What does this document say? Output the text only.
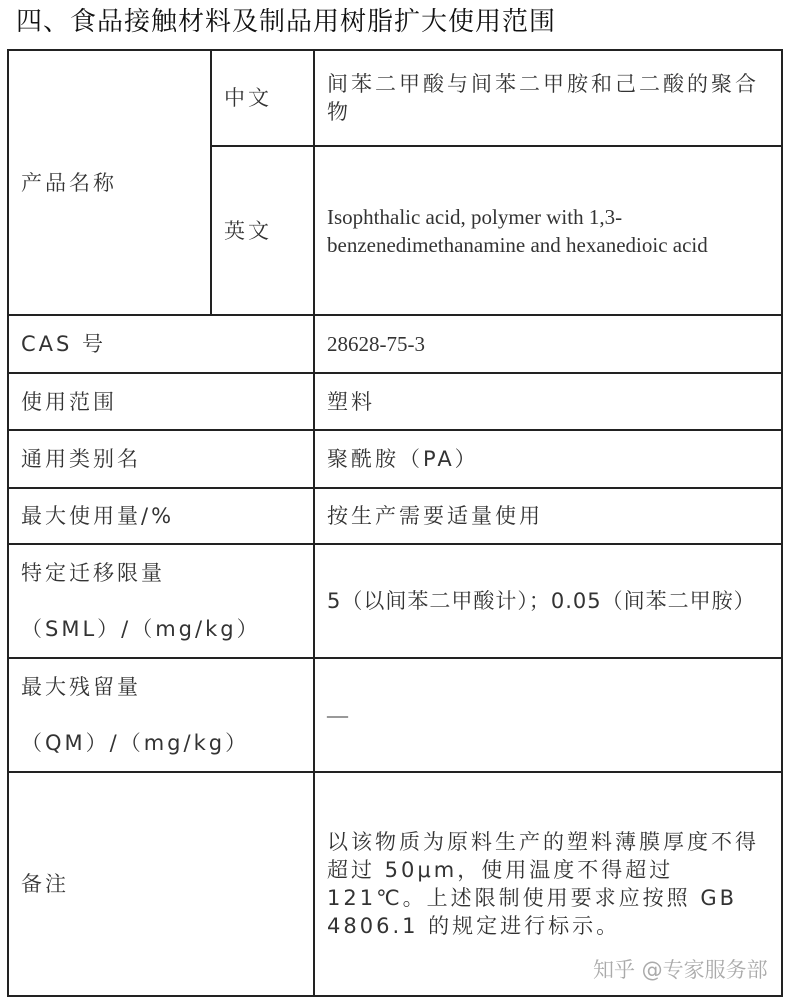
四、食品接触材料及制品用树脂扩大使用范围
产品名称	中文	间苯二甲酸与间苯二甲胺和己二酸的聚合物
	英文	Isophthalic acid, polymer with 1,3-benzenedimethanamine and hexanedioic acid
CAS 号		28628-75-3
使用范围		塑料
通用类别名		聚酰胺（PA）
最大使用量/%		按生产需要适量使用

特定迁移限量
（SML）/（mg/kg）		5（以间苯二甲酸计）；0.05（间苯二甲胺）

最大残留量
（QM）/（mg/kg）		—
备注		以该物质为原料生产的塑料薄膜厚度不得超过 50μm，使用温度不得超过 121℃。上述限制使用要求应按照 GB 4806.1 的规定进行标示。
知乎 @专家服务部
